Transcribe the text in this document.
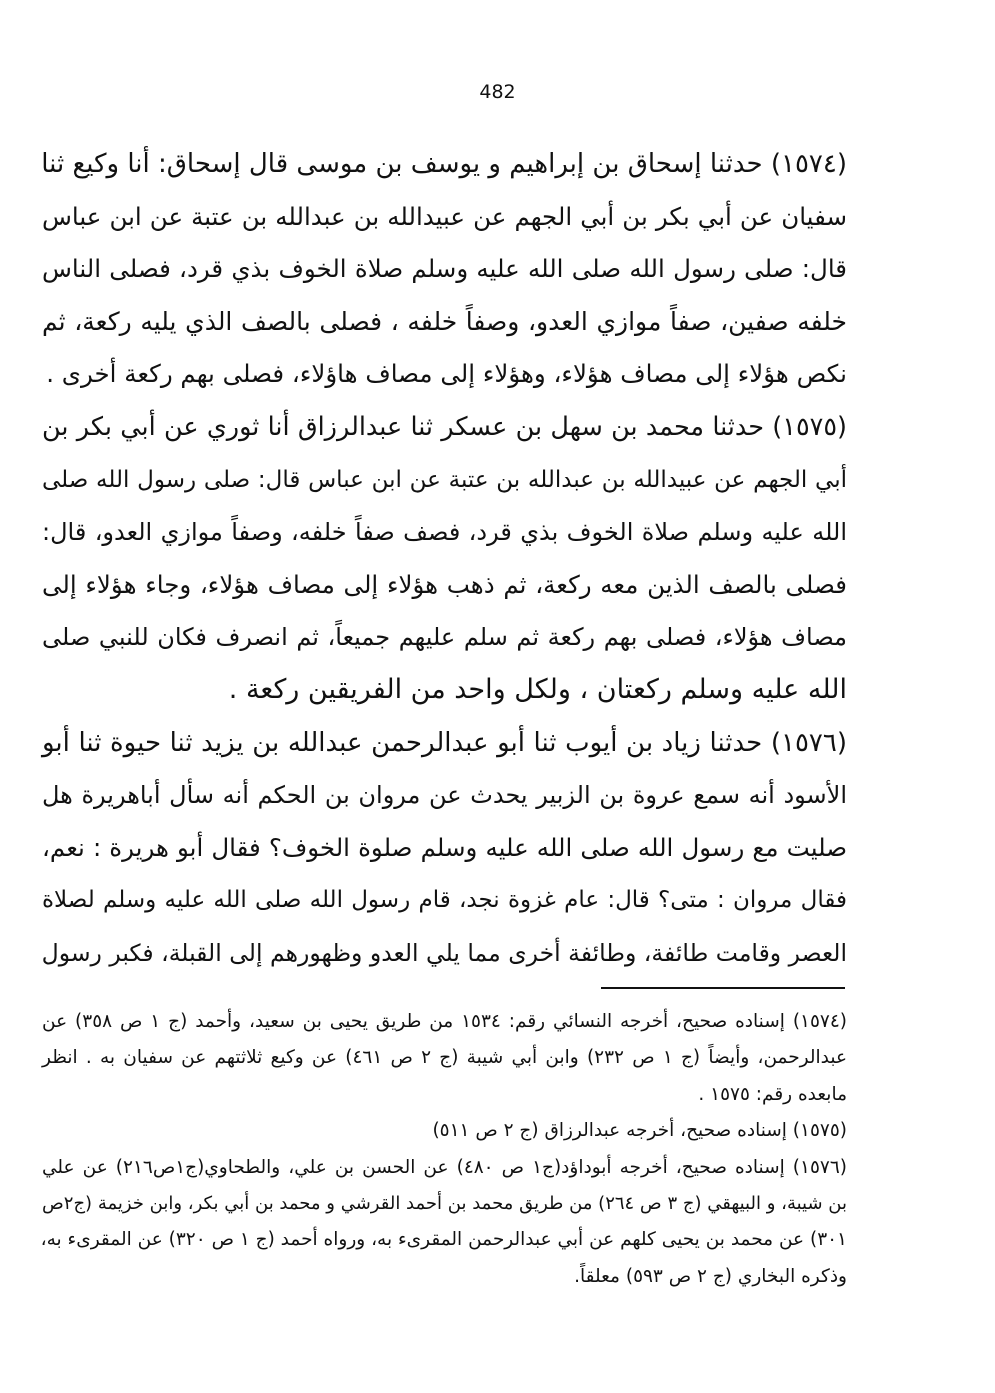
482
(١٥٧٤) حدثنا إسحاق بن إبراهيم و يوسف بن موسى قال إسحاق: أنا وكيع ثنا
سفيان عن أبي بكر بن أبي الجهم عن عبيدالله بن عبدالله بن عتبة عن ابن عباس
قال: صلى رسول الله صلى الله عليه وسلم صلاة الخوف بذي قرد، فصلى الناس
خلفه صفين، صفاً موازي العدو، وصفاً خلفه ، فصلى بالصف الذي يليه ركعة، ثم
نكص هؤلاء إلى مصاف هؤلاء، وهؤلاء إلى مصاف هاؤلاء، فصلى بهم ركعة أخرى .
(١٥٧٥) حدثنا محمد بن سهل بن عسكر ثنا عبدالرزاق أنا ثوري عن أبي بكر بن
أبي الجهم عن عبيدالله بن عبدالله بن عتبة عن ابن عباس قال: صلى رسول الله صلى
الله عليه وسلم صلاة الخوف بذي قرد، فصف صفاً خلفه، وصفاً موازي العدو، قال:
فصلى بالصف الذين معه ركعة، ثم ذهب هؤلاء إلى مصاف هؤلاء، وجاء هؤلاء إلى
مصاف هؤلاء، فصلى بهم ركعة ثم سلم عليهم جميعاً، ثم انصرف فكان للنبي صلى
الله عليه وسلم ركعتان ، ولكل واحد من الفريقين ركعة .
(١٥٧٦) حدثنا زياد بن أيوب ثنا أبو عبدالرحمن عبدالله بن يزيد ثنا حيوة ثنا أبو
الأسود أنه سمع عروة بن الزبير يحدث عن مروان بن الحكم أنه سأل أباهريرة هل
صليت مع رسول الله صلى الله عليه وسلم صلوة الخوف؟ فقال أبو هريرة : نعم،
فقال مروان : متى؟ قال: عام غزوة نجد، قام رسول الله صلى الله عليه وسلم لصلاة
العصر وقامت طائفة، وطائفة أخرى مما يلي العدو وظهورهم إلى القبلة، فكبر رسول
(١٥٧٤) إسناده صحيح، أخرجه النسائي رقم: ١٥٣٤ من طريق يحيى بن سعيد، وأحمد (ج ١ ص ٣٥٨) عن
عبدالرحمن، وأيضاً (ج ١ ص ٢٣٢) وابن أبي شيبة (ج ٢ ص ٤٦١) عن وكيع ثلاثتهم عن سفيان به . انظر
مابعده رقم: ١٥٧٥ .
(١٥٧٥) إسناده صحيح، أخرجه عبدالرزاق (ج ٢ ص ٥١١)
(١٥٧٦) إسناده صحيح، أخرجه أبوداؤد(ج١ ص ٤٨٠) عن الحسن بن علي، والطحاوي(ج١ص٢١٦) عن علي
بن شيبة، و البيهقي (ج ٣ ص ٢٦٤) من طريق محمد بن أحمد القرشي و محمد بن أبي بكر، وابن خزيمة (ج٢ص
٣٠١) عن محمد بن يحيى كلهم عن أبي عبدالرحمن المقرىء به، ورواه أحمد (ج ١ ص ٣٢٠) عن المقرىء به،
وذكره البخاري (ج ٢ ص ٥٩٣) معلقاً.
